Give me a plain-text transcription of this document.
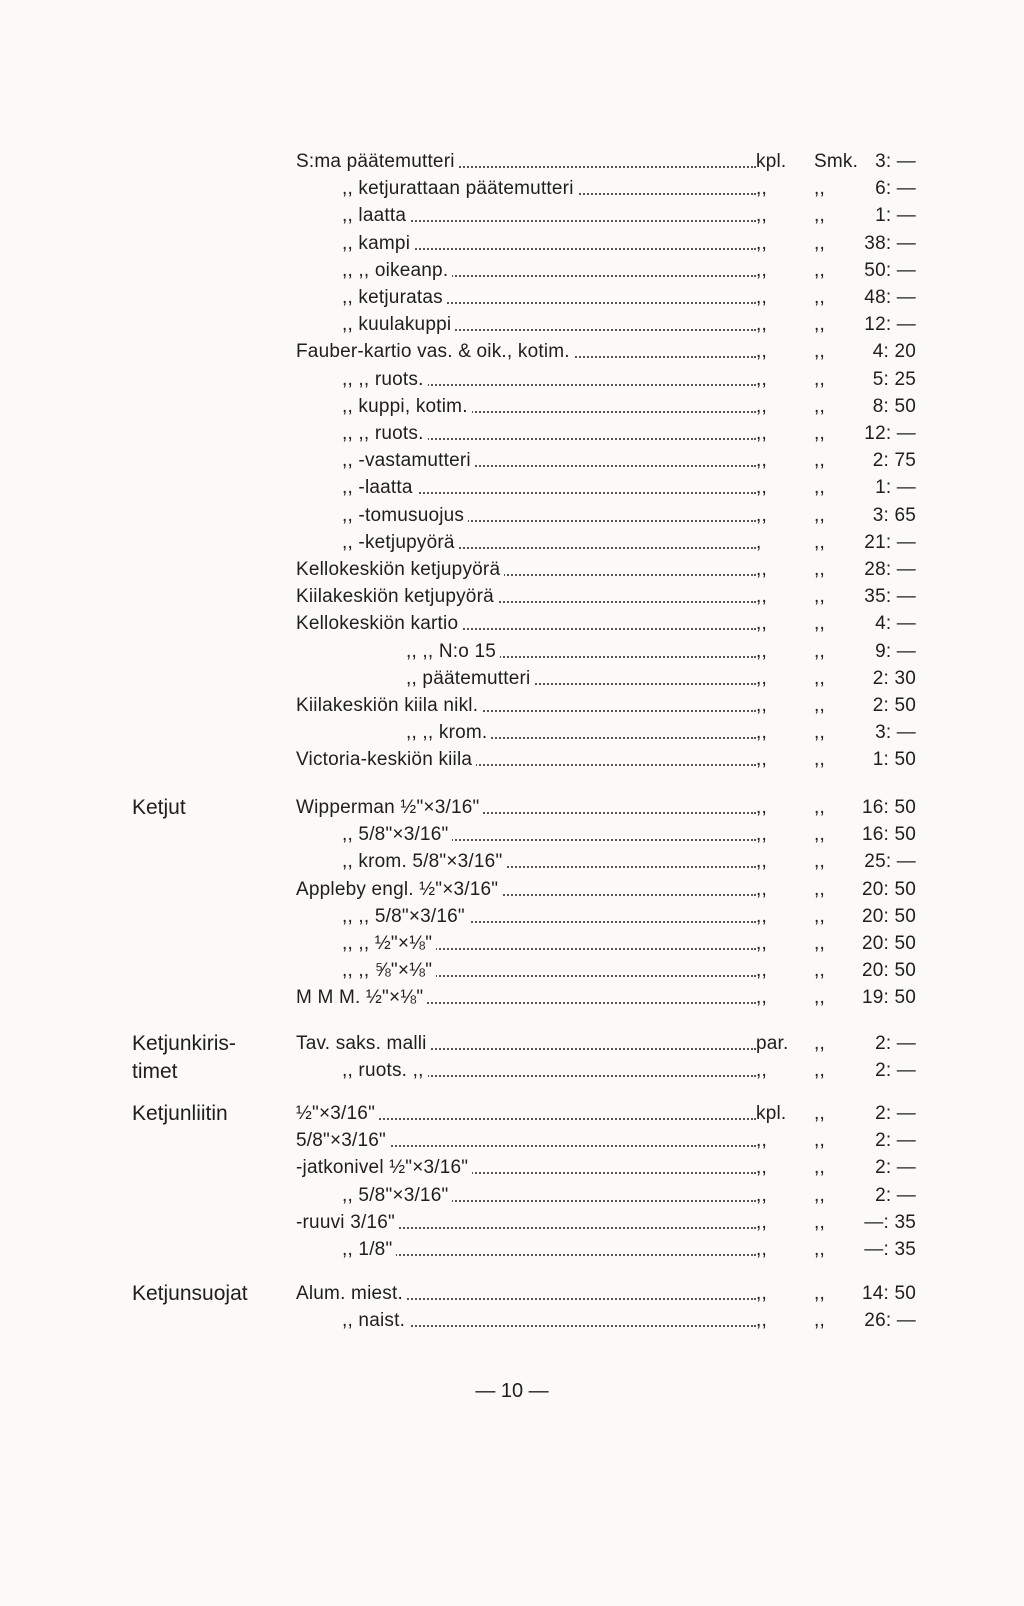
S:ma päätemutteri	kpl.	Smk. 3: —
,, ketjurattaan päätemutteri	,,	,,	6: —
,, laatta	,,	,,	1: —
,, kampi	,,	,,	38: —
,, ,, oikeanp.	,,	,,	50: —
,, ketjuratas	,,	,,	48: —
,, kuulakuppi	,,	,,	12: —
Fauber-kartio vas. & oik., kotim.	,,	,,	4: 20
,, ,, ruots.	,,	,,	5: 25
,, kuppi, kotim.	,,	,,	8: 50
,, ,, ruots.	,,	,,	12: —
,, -vastamutteri	,,	,,	2: 75
,, -laatta	,,	,,	1: —
,, -tomusuojus	,,	,,	3: 65
,, -ketjupyörä	,	,,	21: —
Kellokeskiön ketjupyörä	,,	,,	28: —
Kiilakeskiön ketjupyörä	,,	,,	35: —
Kellokeskiön kartio	,,	,,	4: —
,, ,, N:o 15	,,	,,	9: —
,, päätemutteri	,,	,,	2: 30
Kiilakeskiön kiila nikl.	,,	,,	2: 50
,, ,, krom.	,,	,,	3: —
Victoria-keskiön kiila	,,	,,	1: 50
Ketjut	Wipperman ½"×3/16"	,,	,,	16: 50
,, 5/8"×3/16"	,,	,,	16: 50
,, krom. 5/8"×3/16"	,,	,,	25: —
Appleby engl. ½"×3/16"	,,	,,	20: 50
,, ,, 5/8"×3/16"	,,	,,	20: 50
,, ,, ½"×⅛"	,,	,,	20: 50
,, ,, ⅝"×⅛"	,,	,,	20: 50
M M M. ½"×⅛"	,,	,,	19: 50
Ketjunkiris-
timet
Tav. saks. malli	par.	,,	2: —
,, ruots. ,,	,,	,,	2: —
Ketjunliitin	½"×3/16"	kpl.	,,	2: —
5/8"×3/16"	,,	,,	2: —
-jatkonivel ½"×3/16"	,,	,,	2: —
,, 5/8"×3/16"	,,	,,	2: —
-ruuvi 3/16"	,,	,,	—: 35
,, 1/8"	,,	,,	—: 35
Ketjunsuojat	Alum. miest.	,,	,,	14: 50
,, naist.	,,	,,	26: —
— 10 —
